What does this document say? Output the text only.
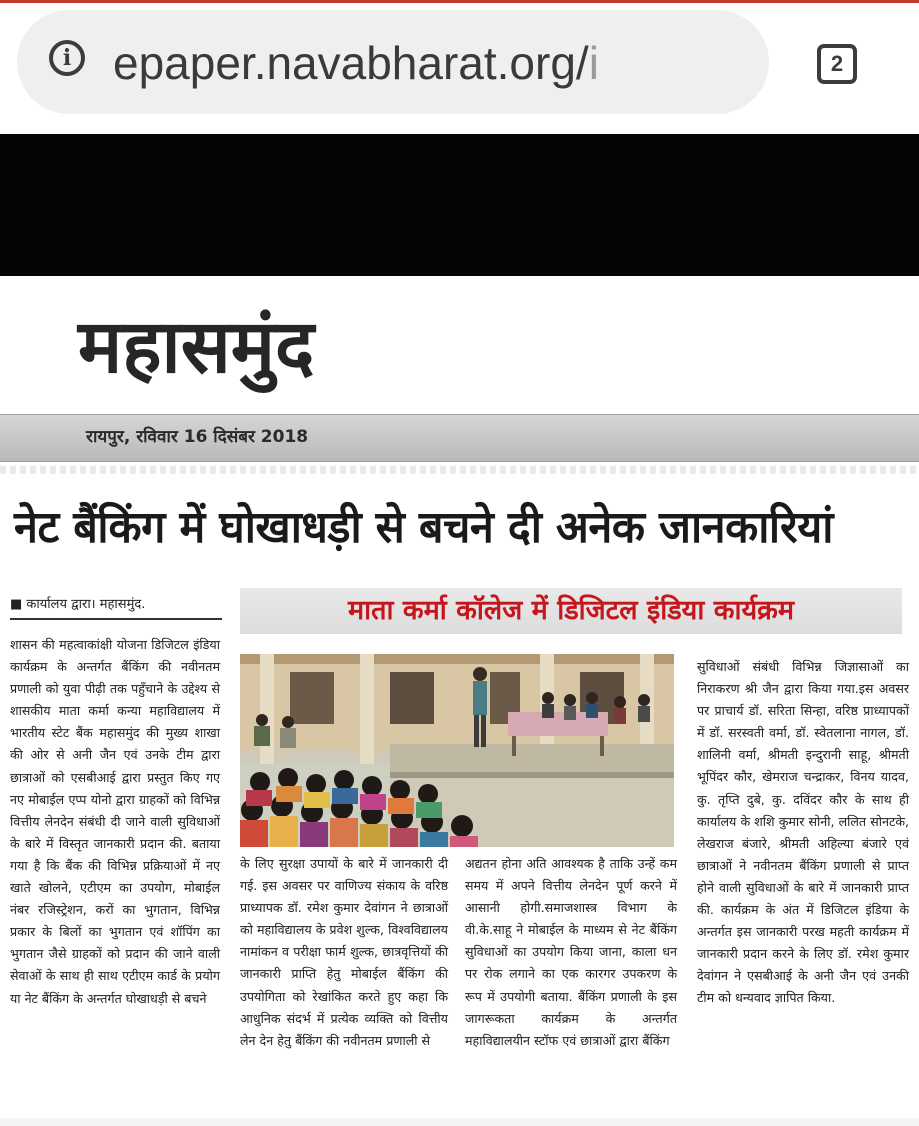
i epaper.navabharat.org/i	2
महासमुंद
रायपुर, रविवार 16 दिसंबर 2018
नेट बैंकिंग में घोखाधड़ी से बचने दी अनेक जानकारियां
■ कार्यालय द्वारा। महासमुंद.	माता कर्मा कॉलेज में डिजिटल इंडिया कार्यक्रम

शासन की महत्वाकांक्षी योजना डिजिटल इंडिया कार्यक्रम के अन्तर्गत बैंकिंग की नवीनतम प्रणाली को युवा पीढ़ी तक पहुँचाने के उद्देश्य से शासकीय माता कर्मा कन्या महाविद्यालय में भारतीय स्टेट बैंक महासमुंद की मुख्य शाखा की ओर से अनी जैन एवं उनके टीम द्वारा छात्राओं को एसबीआई द्वारा प्रस्तुत किए गए नए मोबाईल एप्प योनो द्वारा ग्राहकों को विभिन्न वित्तीय लेनदेन संबंधी दी जाने वाली सुविधाओं के बारे में विस्तृत जानकारी प्रदान की. बताया गया है कि बैंक की विभिन्न प्रक्रियाओं में नए खाते खोलने, एटीएम का उपयोग, मोबाईल नंबर रजिस्ट्रेशन, करों का भुगतान, विभिन्न प्रकार के बिलों का भुगतान एवं शॉपिंग का भुगतान जैसे ग्राहकों को प्रदान की जाने वाली सेवाओं के साथ ही साथ एटीएम कार्ड के प्रयोग या नेट बैंकिंग के अन्तर्गत घोखाधड़ी से बचने

के लिए सुरक्षा उपायों के बारे में जानकारी दी गई. इस अवसर पर वाणिज्य संकाय के वरिष्ठ प्राध्यापक डॉ. रमेश कुमार देवांगन ने छात्राओं को महाविद्यालय के प्रवेश शुल्क, विश्वविद्यालय नामांकन व परीक्षा फार्म शुल्क, छात्रवृत्तियों की जानकारी प्राप्ति हेतु मोबाईल बैंकिंग की उपयोगिता को रेखांकित करते हुए कहा कि आधुनिक संदर्भ में प्रत्येक व्यक्ति को वित्तीय लेन देन हेतु बैंकिंग की नवीनतम प्रणाली से

अद्यतन होना अति आवश्यक है ताकि उन्हें कम समय में अपने वित्तीय लेनदेन पूर्ण करने में आसानी होगी.समाजशास्त्र विभाग के वी.के.साहू ने मोबाईल के माध्यम से नेट बैंकिंग सुविधाओं का उपयोग किया जाना, काला धन पर रोक लगाने का एक कारगर उपकरण के रूप में उपयोगी बताया. बैंकिंग प्रणाली के इस जागरूकता कार्यक्रम के अन्तर्गत महाविद्यालयीन स्टॉफ एवं छात्राओं द्वारा बैंकिंग

सुविधाओं संबंधी विभिन्न जिज्ञासाओं का निराकरण श्री जैन द्वारा किया गया.इस अवसर पर प्राचार्य डॉ. सरिता सिन्हा, वरिष्ठ प्राध्यापकों में डॉ. सरस्वती वर्मा, डॉ. स्वेतलाना नागल, डॉ. शालिनी वर्मा, श्रीमती इन्दुरानी साहू, श्रीमती भूपिंदर कौर, खेमराज चन्द्राकर, विनय यादव, कु. तृप्ति दुबे, कु. दविंदर कौर के साथ ही कार्यालय के शशि कुमार सोनी, ललित सोनटके, लेखराज बंजारे, श्रीमती अहिल्या बंजारे एवं छात्राओं ने नवीनतम बैंकिंग प्रणाली से प्राप्त होने वाली सुविधाओं के बारे में जानकारी प्राप्त की. कार्यक्रम के अंत में डिजिटल इंडिया के अन्तर्गत इस जानकारी परख महती कार्यक्रम में जानकारी प्रदान करने के लिए डॉ. रमेश कुमार देवांगन ने एसबीआई के अनी जैन एवं उनकी टीम को धन्यवाद ज्ञापित किया.
